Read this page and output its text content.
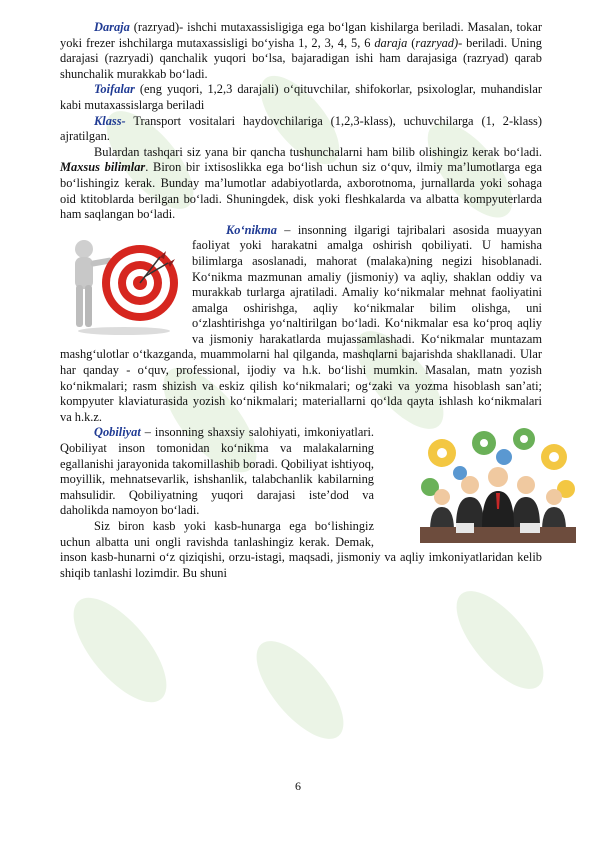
Daraja (razryad)- ishchi mutaxassisligiga ega bo‘lgan kishilarga beriladi. Masalan, tokar yoki frezer ishchilarga mutaxassisligi bo‘yisha 1, 2, 3, 4, 5, 6 daraja (razryad)- beriladi. Uning darajasi (razryadi) qanchalik yuqori bo‘lsa, bajaradigan ishi ham darajasiga (razryad) qarab shunchalik murakkab bo‘ladi.

Toifalar (eng yuqori, 1,2,3 darajali) o‘qituvchilar, shifokorlar, psixologlar, muhandislar kabi mutaxassislarga beriladi

Klass- Transport vositalari haydovchilariga (1,2,3-klass), uchuvchilarga (1, 2-klass) ajratilgan.

Bulardan tashqari siz yana bir qancha tushunchalarni ham bilib olishingiz kerak bo‘ladi. Maxsus bilimlar. Biron bir ixtisoslikka ega bo‘lish uchun siz o‘quv, ilmiy ma’lumotlarga ega bo‘lishingiz kerak. Bunday ma’lumotlar adabiyotlarda, axborotnoma, jurnallarda yoki sohaga oid ktitoblarda berilgan bo‘ladi. Shuningdek, disk yoki fleshkalarda va albatta kompyuterlarda ham saqlangan bo‘ladi.

Ko‘nikma – insonning ilgarigi tajribalari asosida muayyan faoliyat yoki harakatni amalga oshirish qobiliyati. U hamisha bilimlarga asoslanadi, mahorat (malaka)ning negizi hisoblanadi. Ko‘nikma mazmunan amaliy (jismoniy) va aqliy, shaklan oddiy va murakkab turlarga ajratiladi. Amaliy ko‘nikmalar mehnat faoliyatini amalga oshirishga, aqliy ko‘nikmalar bilim olishga, uni o‘zlashtirishga yo‘naltirilgan bo‘ladi. Ko‘nikmalar esa ko‘proq aqliy va jismoniy harakatlarda mujassamlashadi. Ko‘nikmalar muntazam mashg‘ulotlar o‘tkazganda, muammolarni hal qilganda, mashqlarni bajarishda shakllanadi. Ular har qanday - o‘quv, professional, ijodiy va h.k. bo‘lishi mumkin. Masalan, matn yozish ko‘nikmalari; rasm shizish va eskiz qilish ko‘nikmalari; og‘zaki va yozma hisoblash san’ati; kompyuter klaviaturasida yozish ko‘nikmalari; materiallarni qo‘lda qayta ishlash ko‘nikmalari va h.k.z.

Qobiliyat – insonning shaxsiy salohiyati, imkoniyatlari. Qobiliyat inson tomonidan ko‘nikma va malakalarning egallanishi jarayonida takomillashib boradi. Qobiliyat ishtiyoq, moyillik, mehnatsevarlik, ishshanlik, talabchanlik kabilarning mahsulidir. Qobiliyatning yuqori darajasi iste’dod va daholikda namoyon bo‘ladi.

Siz biron kasb yoki kasb-hunarga ega bo‘lishingiz uchun albatta uni ongli ravishda tanlashingiz kerak. Demak, inson kasb-hunarni o‘z qiziqishi, orzu-istagi, maqsadi, jismoniy va aqliy imkoniyatlaridan kelib shiqib tanlashi lozimdir. Bu shuni

6
